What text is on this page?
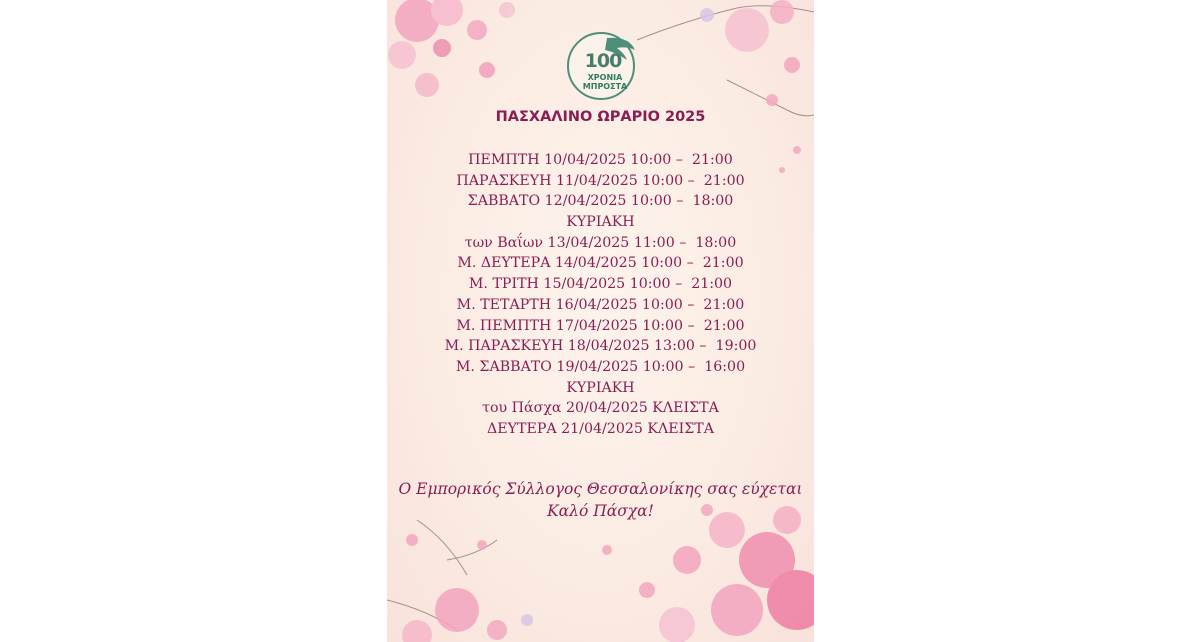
100
ΧΡΟΝΙΑ
ΜΠΡΟΣΤΑ
ΠΑΣΧΑΛΙΝΟ ΩΡΑΡΙΟ 2025
ΠΕΜΠΤΗ 10/04/2025 10:00 –  21:00
ΠΑΡΑΣΚΕΥΗ 11/04/2025 10:00 –  21:00
ΣΑΒΒΑΤΟ 12/04/2025 10:00 –  18:00
ΚΥΡΙΑΚΗ
των Βαΐων 13/04/2025 11:00 –  18:00
Μ. ΔΕΥΤΕΡΑ 14/04/2025 10:00 –  21:00
Μ. ΤΡΙΤΗ 15/04/2025 10:00 –  21:00
Μ. ΤΕΤΑΡΤΗ 16/04/2025 10:00 –  21:00
Μ. ΠΕΜΠΤΗ 17/04/2025 10:00 –  21:00
Μ. ΠΑΡΑΣΚΕΥΗ 18/04/2025 13:00 –  19:00
Μ. ΣΑΒΒΑΤΟ 19/04/2025 10:00 –  16:00
ΚΥΡΙΑΚΗ
του Πάσχα 20/04/2025 ΚΛΕΙΣΤΑ
ΔΕΥΤΕΡΑ 21/04/2025 ΚΛΕΙΣΤΑ
Ο Εμπορικός Σύλλογος Θεσσαλονίκης σας εύχεται
Καλό Πάσχα!
